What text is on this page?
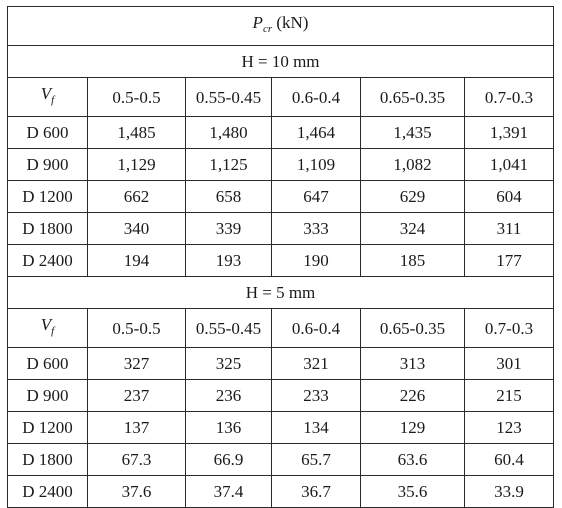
$P_{cr}$ (kN)					
H = 10 mm					
$V_f$	0.5-0.5	0.55-0.45	0.6-0.4	0.65-0.35	0.7-0.3
D 600	1,485	1,480	1,464	1,435	1,391
D 900	1,129	1,125	1,109	1,082	1,041
D 1200	662	658	647	629	604
D 1800	340	339	333	324	311
D 2400	194	193	190	185	177
H = 5 mm					
$V_f$	0.5-0.5	0.55-0.45	0.6-0.4	0.65-0.35	0.7-0.3
D 600	327	325	321	313	301
D 900	237	236	233	226	215
D 1200	137	136	134	129	123
D 1800	67.3	66.9	65.7	63.6	60.4
D 2400	37.6	37.4	36.7	35.6	33.9
